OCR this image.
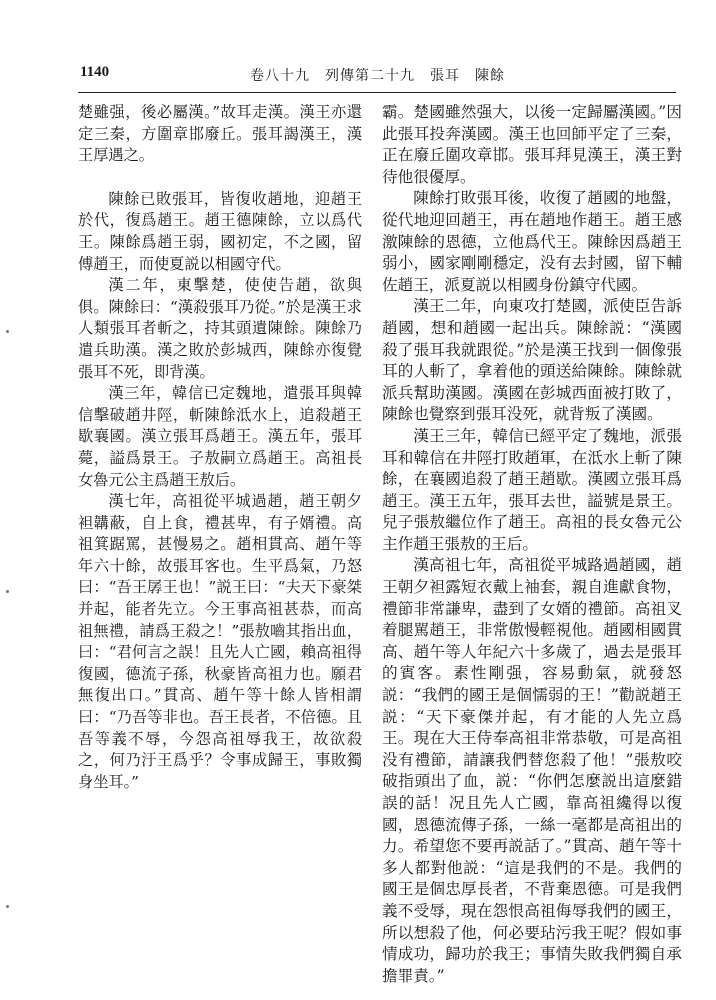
1140	卷八十九　列傳第二十九　張耳　陳餘

楚雖强，後必屬漢。”故耳走漢。漢王亦還定三秦，方圍章邯廢丘。張耳謁漢王，漢王厚遇之。

陳餘已敗張耳，皆復收趙地，迎趙王於代，復爲趙王。趙王德陳餘，立以爲代王。陳餘爲趙王弱，國初定，不之國，留傅趙王，而使夏説以相國守代。

漢二年，東擊楚，使使告趙，欲與俱。陳餘曰：“漢殺張耳乃從。”於是漢王求人類張耳者斬之，持其頭遺陳餘。陳餘乃遣兵助漢。漢之敗於彭城西，陳餘亦復覺張耳不死，即背漢。

漢三年，韓信已定魏地，遣張耳與韓信擊破趙井陘，斬陳餘泜水上，追殺趙王歇襄國。漢立張耳爲趙王。漢五年，張耳薨，謚爲景王。子敖嗣立爲趙王。高祖長女魯元公主爲趙王敖后。

漢七年，高祖從平城過趙，趙王朝夕袒韝蔽，自上食，禮甚卑，有子婿禮。高祖箕踞罵，甚慢易之。趙相貫高、趙午等年六十餘，故張耳客也。生平爲氣，乃怒曰：“吾王孱王也！”説王曰：“夫天下豪桀并起，能者先立。今王事高祖甚恭，而高祖無禮，請爲王殺之！”張敖嚙其指出血，曰：“君何言之誤！且先人亡國，賴高祖得復國，德流子孫，秋豪皆高祖力也。願君無復出口。”貫高、趙午等十餘人皆相謂曰：“乃吾等非也。吾王長者，不倍德。且吾等義不辱，今怨高祖辱我王，故欲殺之，何乃汙王爲乎？令事成歸王，事敗獨身坐耳。”

霸。楚國雖然强大，以後一定歸屬漢國。”因此張耳投奔漢國。漢王也回師平定了三秦，正在廢丘圍攻章邯。張耳拜見漢王，漢王對待他很優厚。

陳餘打敗張耳後，收復了趙國的地盤，從代地迎回趙王，再在趙地作趙王。趙王感激陳餘的恩德，立他爲代王。陳餘因爲趙王弱小，國家剛剛穩定，没有去封國，留下輔佐趙王，派夏説以相國身份鎮守代國。

漢王二年，向東攻打楚國，派使臣告訴趙國，想和趙國一起出兵。陳餘説：“漢國殺了張耳我就跟從。”於是漢王找到一個像張耳的人斬了，拿着他的頭送給陳餘。陳餘就派兵幫助漢國。漢國在彭城西面被打敗了，陳餘也覺察到張耳没死，就背叛了漢國。

漢王三年，韓信已經平定了魏地，派張耳和韓信在井陘打敗趙軍，在泜水上斬了陳餘，在襄國追殺了趙王趙歇。漢國立張耳爲趙王。漢王五年，張耳去世，謚號是景王。兒子張敖繼位作了趙王。高祖的長女魯元公主作趙王張敖的王后。

漢高祖七年，高祖從平城路過趙國，趙王朝夕袒露短衣戴上袖套，親自進獻食物，禮節非常謙卑，盡到了女婿的禮節。高祖叉着腿駡趙王，非常傲慢輕視他。趙國相國貫高、趙午等人年紀六十多歲了，過去是張耳的賓客。素性剛强，容易動氣，就發怒説：“我們的國王是個懦弱的王！”勸説趙王説：“天下豪傑并起，有才能的人先立爲王。現在大王侍奉高祖非常恭敬，可是高祖没有禮節，請讓我們替您殺了他！”張敖咬破指頭出了血，説：“你們怎麼説出這麼錯誤的話！况且先人亡國，靠高祖纔得以復國，恩德流傳子孫，一絲一毫都是高祖出的力。希望您不要再説話了。”貫高、趙午等十多人都對他説：“這是我們的不是。我們的國王是個忠厚長者，不背棄恩德。可是我們義不受辱，現在怨恨高祖侮辱我們的國王，所以想殺了他，何必要玷污我王呢？假如事情成功，歸功於我王；事情失敗我們獨自承擔罪責。”
